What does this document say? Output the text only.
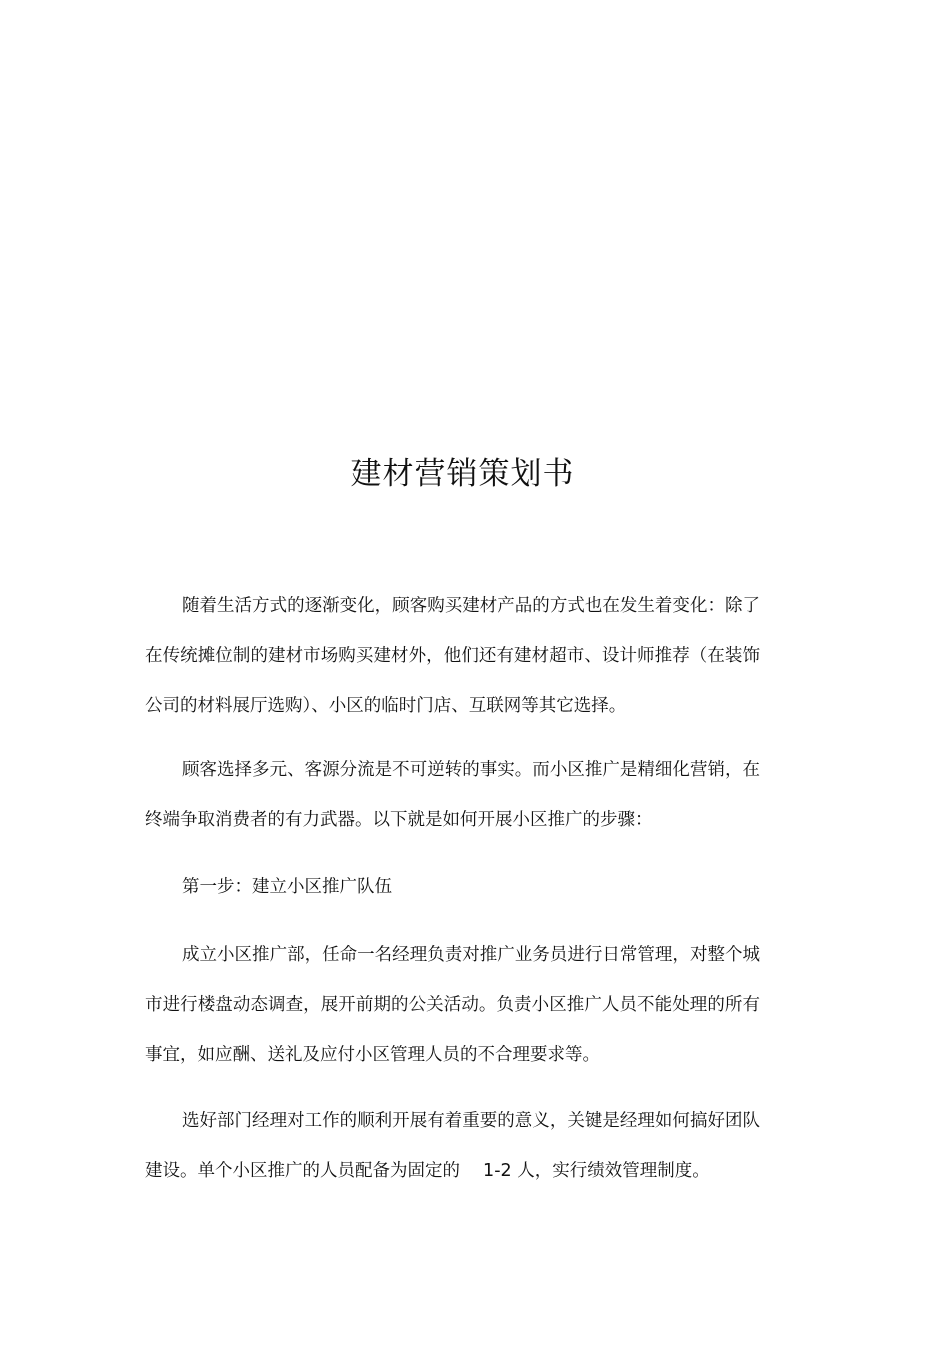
建材营销策划书

随着生活方式的逐渐变化，顾客购买建材产品的方式也在发生着变化：除了在传统摊位制的建材市场购买建材外，他们还有建材超市、设计师推荐（在装饰公司的材料展厅选购）、小区的临时门店、互联网等其它选择。

顾客选择多元、客源分流是不可逆转的事实。而小区推广是精细化营销，在终端争取消费者的有力武器。以下就是如何开展小区推广的步骤：

第一步：建立小区推广队伍

成立小区推广部，任命一名经理负责对推广业务员进行日常管理，对整个城市进行楼盘动态调查，展开前期的公关活动。负责小区推广人员不能处理的所有事宜，如应酬、送礼及应付小区管理人员的不合理要求等。

选好部门经理对工作的顺利开展有着重要的意义，关键是经理如何搞好团队建设。单个小区推广的人员配备为固定的　 1-2 人，实行绩效管理制度。
